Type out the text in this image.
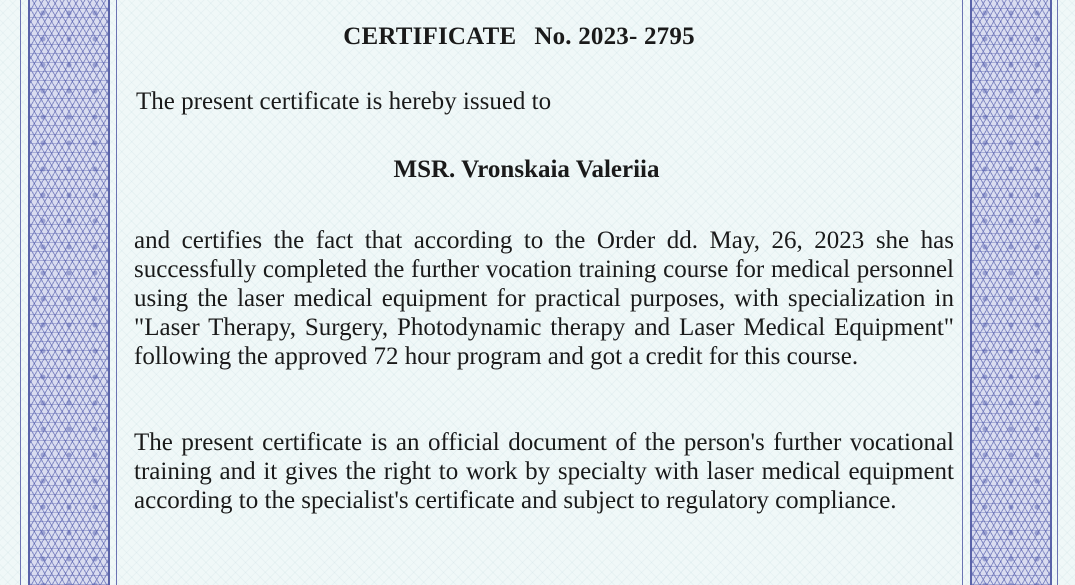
CERTIFICATE No. 2023- 2795
The present certificate is hereby issued to
MSR. Vronskaia Valeriia
and certifies the fact that according to the Order dd. May, 26, 2023 she has successfully completed the further vocation training course for medical personnel using the laser medical equipment for practical purposes, with specialization in "Laser Therapy, Surgery, Photodynamic therapy and Laser Medical Equipment" following the approved 72 hour program and got a credit for this course.
The present certificate is an official document of the person's further vocational training and it gives the right to work by specialty with laser medical equipment according to the specialist's certificate and subject to regulatory compliance.
